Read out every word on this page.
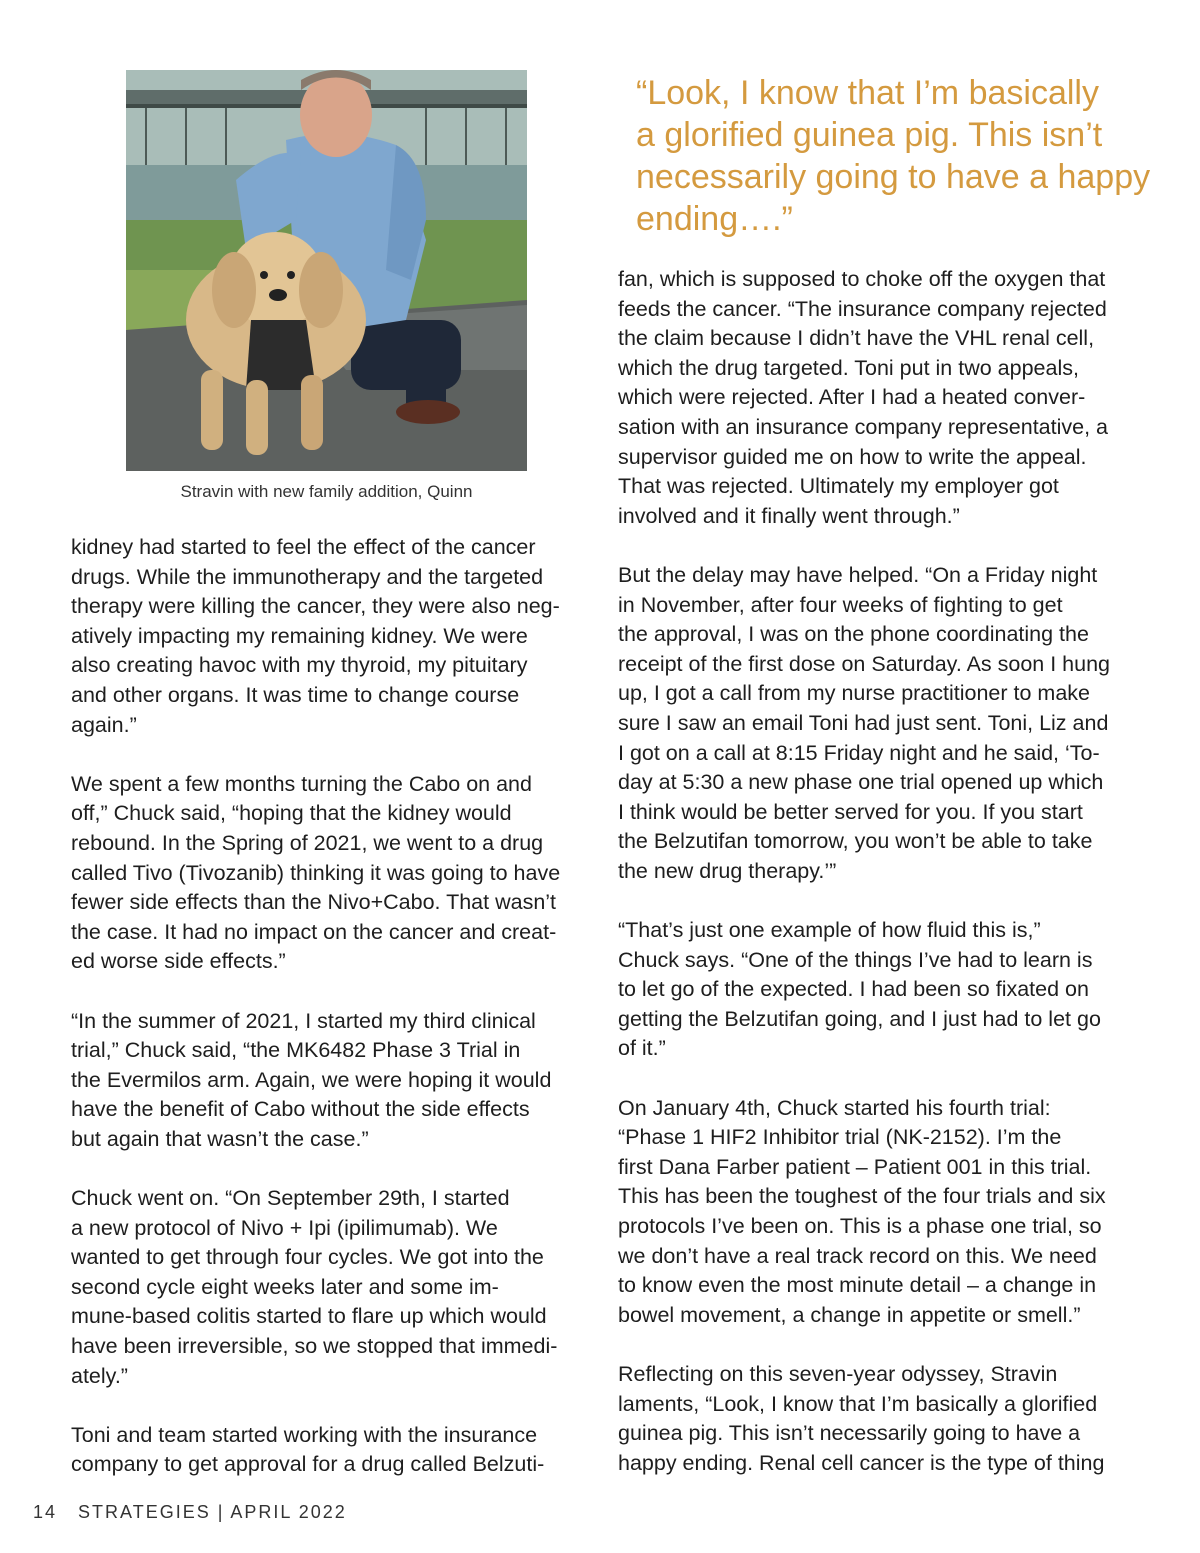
Stravin with new family addition, Quinn
“Look, I know that I’m basically
a glorified guinea pig. This isn’t
necessarily going to have a happy
ending….”

kidney had started to feel the effect of the cancer
drugs. While the immunotherapy and the targeted
therapy were killing the cancer, they were also neg-
atively impacting my remaining kidney. We were
also creating havoc with my thyroid, my pituitary
and other organs. It was time to change course
again.”

We spent a few months turning the Cabo on and
off,” Chuck said, “hoping that the kidney would
rebound. In the Spring of 2021, we went to a drug
called Tivo (Tivozanib) thinking it was going to have
fewer side effects than the Nivo+Cabo. That wasn’t
the case. It had no impact on the cancer and creat-
ed worse side effects.”

“In the summer of 2021, I started my third clinical
trial,” Chuck said, “the MK6482 Phase 3 Trial in
the Evermilos arm. Again, we were hoping it would
have the benefit of Cabo without the side effects
but again that wasn’t the case.”

Chuck went on. “On September 29th, I started
a new protocol of Nivo + Ipi (ipilimumab). We
wanted to get through four cycles. We got into the
second cycle eight weeks later and some im-
mune-based colitis started to flare up which would
have been irreversible, so we stopped that immedi-
ately.”

Toni and team started working with the insurance
company to get approval for a drug called Belzuti-

fan, which is supposed to choke off the oxygen that
feeds the cancer. “The insurance company rejected
the claim because I didn’t have the VHL renal cell,
which the drug targeted. Toni put in two appeals,
which were rejected. After I had a heated conver-
sation with an insurance company representative, a
supervisor guided me on how to write the appeal.
That was rejected. Ultimately my employer got
involved and it finally went through.”

But the delay may have helped. “On a Friday night
in November, after four weeks of fighting to get
the approval, I was on the phone coordinating the
receipt of the first dose on Saturday. As soon I hung
up, I got a call from my nurse practitioner to make
sure I saw an email Toni had just sent. Toni, Liz and
I got on a call at 8:15 Friday night and he said, ‘To-
day at 5:30 a new phase one trial opened up which
I think would be better served for you. If you start
the Belzutifan tomorrow, you won’t be able to take
the new drug therapy.’”

“That’s just one example of how fluid this is,”
Chuck says. “One of the things I’ve had to learn is
to let go of the expected. I had been so fixated on
getting the Belzutifan going, and I just had to let go
of it.”

On January 4th, Chuck started his fourth trial:
“Phase 1 HIF2 Inhibitor trial (NK-2152). I’m the
first Dana Farber patient – Patient 001 in this trial.
This has been the toughest of the four trials and six
protocols I’ve been on. This is a phase one trial, so
we don’t have a real track record on this. We need
to know even the most minute detail – a change in
bowel movement, a change in appetite or smell.”

Reflecting on this seven-year odyssey, Stravin
laments, “Look, I know that I’m basically a glorified
guinea pig. This isn’t necessarily going to have a
happy ending. Renal cell cancer is the type of thing

14 STRATEGIES | APRIL 2022
